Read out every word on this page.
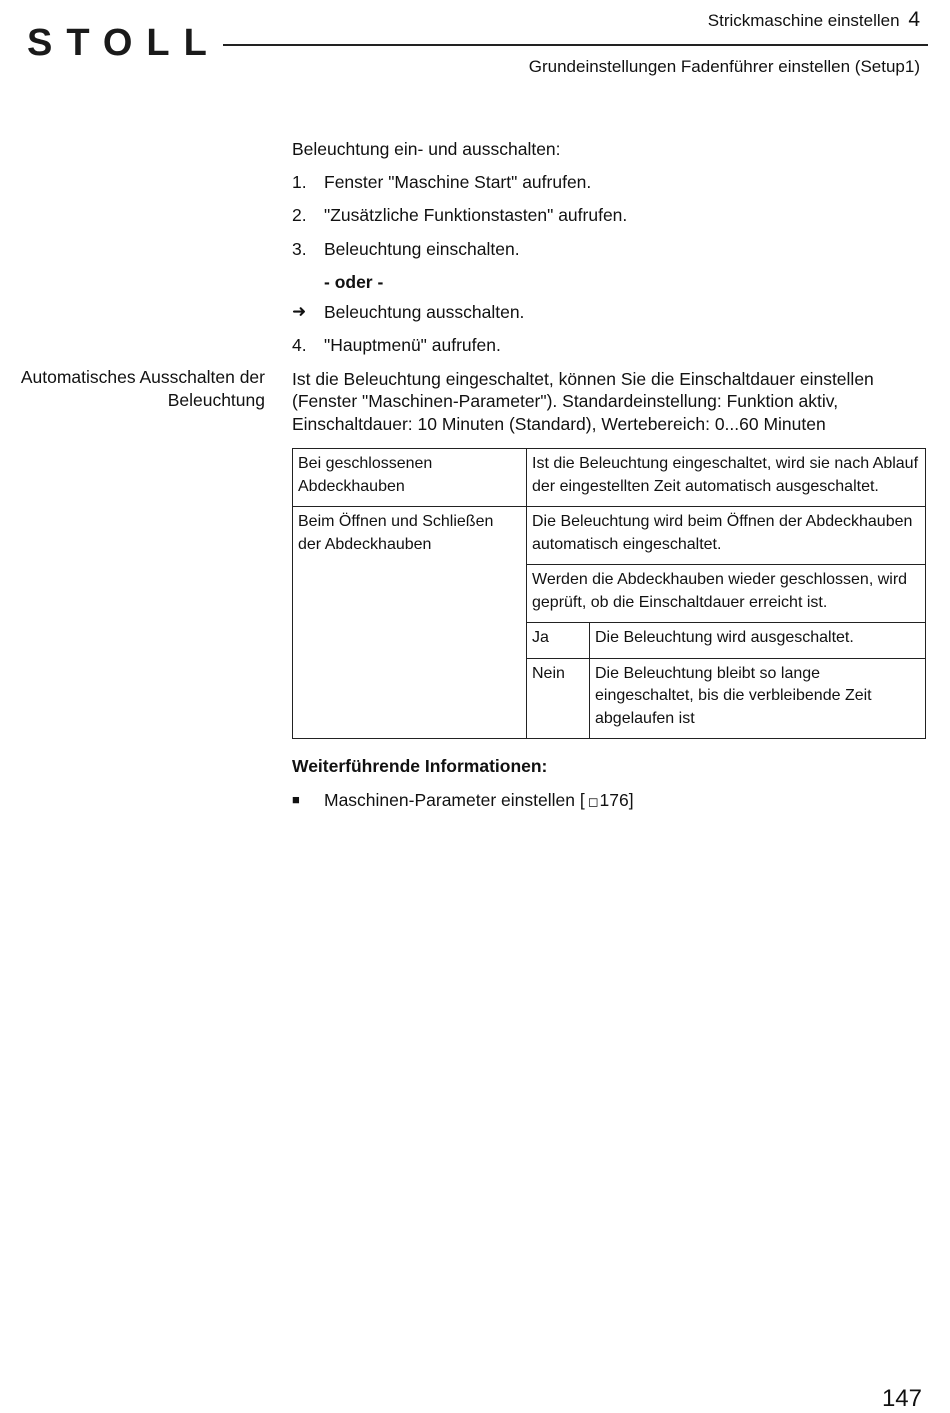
STOLL
Strickmaschine einstellen 4
Grundeinstellungen Fadenführer einstellen (Setup1)
Automatisches Ausschalten der Beleuchtung

Beleuchtung ein- und ausschalten:

1. Fenster "Maschine Start" aufrufen.
2. "Zusätzliche Funktionstasten" aufrufen.
3. Beleuchtung einschalten.
- oder -
➜	Beleuchtung ausschalten.
4. "Hauptmenü" aufrufen.

Ist die Beleuchtung eingeschaltet, können Sie die Einschaltdauer einstellen (Fenster "Maschinen-Parameter"). Standardeinstellung: Funktion aktiv, Einschaltdauer: 10 Minuten (Standard), Wertebereich: 0...60 Minuten

Bei geschlossenen Abdeckhauben	Ist die Beleuchtung eingeschaltet, wird sie nach Ablauf der eingestellten Zeit automatisch ausgeschaltet.	
Beim Öffnen und Schließen der Abdeckhauben	Die Beleuchtung wird beim Öffnen der Abdeckhauben automatisch eingeschaltet.	
	Werden die Abdeckhauben wieder geschlossen, wird geprüft, ob die Einschaltdauer erreicht ist.	
	Ja	Die Beleuchtung wird ausgeschaltet.
	Nein	Die Beleuchtung bleibt so lange eingeschaltet, bis die verbleibende Zeit abgelaufen ist

Weiterführende Informationen:

■	Maschinen-Parameter einstellen [ ◻176]
147
